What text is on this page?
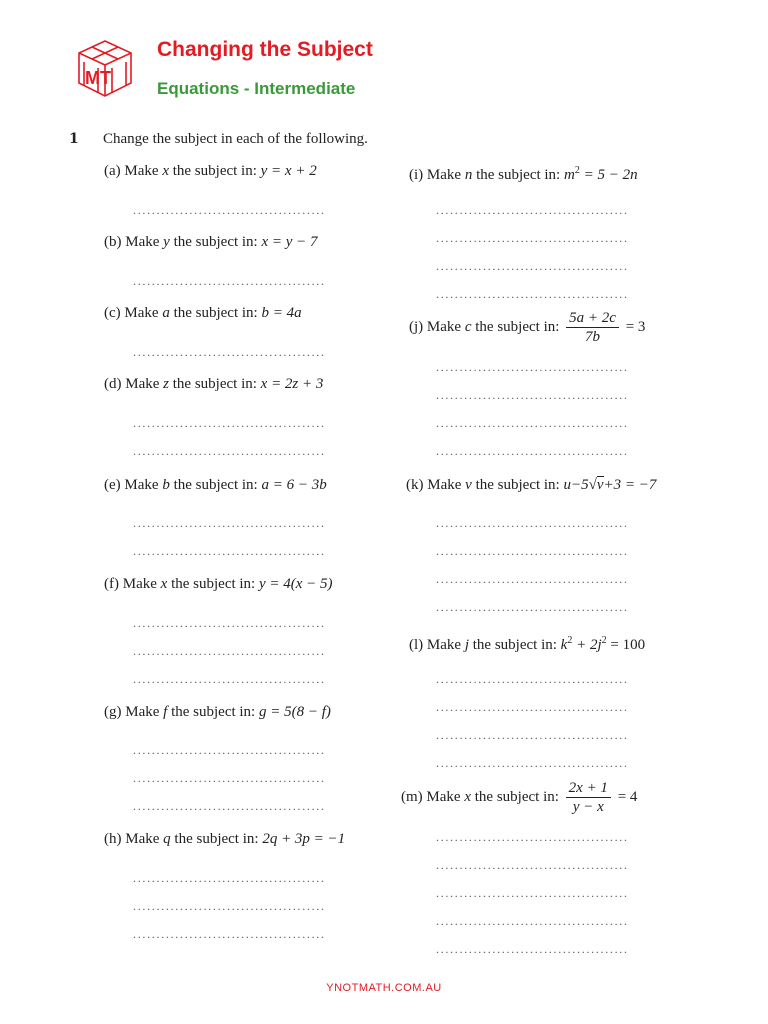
MT
Changing the Subject
Equations - Intermediate
1 Change the subject in each of the following.
(a) Make x the subject in: y = x + 2
.........................................
(b) Make y the subject in: x = y − 7
.........................................
(c) Make a the subject in: b = 4a
.........................................
(d) Make z the subject in: x = 2z + 3
.........................................
.........................................
(e) Make b the subject in: a = 6 − 3b
.........................................
.........................................
(f) Make x the subject in: y = 4(x − 5)
.........................................
.........................................
.........................................
(g) Make f the subject in: g = 5(8 − f)
.........................................
.........................................
.........................................
(h) Make q the subject in: 2q + 3p = −1
.........................................
.........................................
.........................................
(i) Make n the subject in: $m^2 = 5 - 2n$
.........................................
.........................................
.........................................
.........................................
(j) Make c the subject in: $\frac{5a + 2c}{7b} = 3$
.........................................
.........................................
.........................................
.........................................
(k) Make v the subject in: u−5√v+3 = −7
.........................................
.........................................
.........................................
.........................................
(l) Make j the subject in: $k^2 + 2j^2 = 100$
.........................................
.........................................
.........................................
.........................................
(m) Make x the subject in: $\frac{2x + 1}{y - x} = 4$
.........................................
.........................................
.........................................
.........................................
.........................................
YNOTMATH.COM.AU
